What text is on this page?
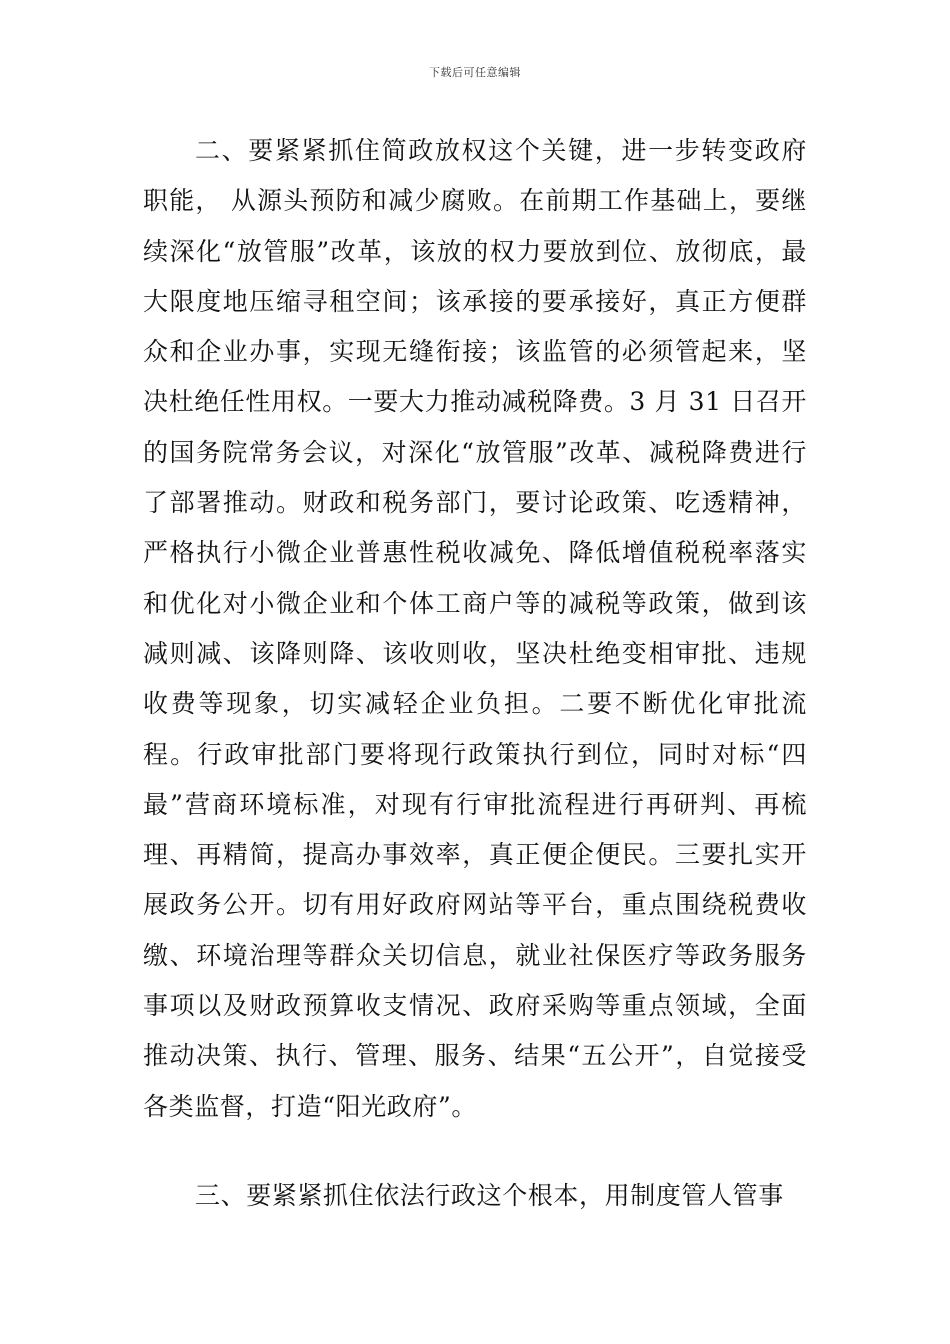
下载后可任意编辑

二、要紧紧抓住简政放权这个关键，进一步转变政府职能， 从源头预防和减少腐败。在前期工作基础上，要继续深化“放管服”改革，该放的权力要放到位、放彻底，最大限度地压缩寻租空间；该承接的要承接好，真正方便群众和企业办事，实现无缝衔接；该监管的必须管起来，坚决杜绝任性用权。一要大力推动减税降费。3 月 31 日召开的国务院常务会议，对深化“放管服”改革、减税降费进行了部署推动。财政和税务部门，要讨论政策、吃透精神，严格执行小微企业普惠性税收减免、降低增值税税率落实和优化对小微企业和个体工商户等的减税等政策，做到该减则减、该降则降、该收则收，坚决杜绝变相审批、违规收费等现象，切实减轻企业负担。二要不断优化审批流程。行政审批部门要将现行政策执行到位，同时对标“四最”营商环境标准，对现有行审批流程进行再研判、再梳理、再精简，提高办事效率，真正便企便民。三要扎实开展政务公开。切有用好政府网站等平台，重点围绕税费收缴、环境治理等群众关切信息，就业社保医疗等政务服务事项以及财政预算收支情况、政府采购等重点领域，全面推动决策、执行、管理、服务、结果“五公开”，自觉接受各类监督，打造“阳光政府”。

三、要紧紧抓住依法行政这个根本，用制度管人管事
